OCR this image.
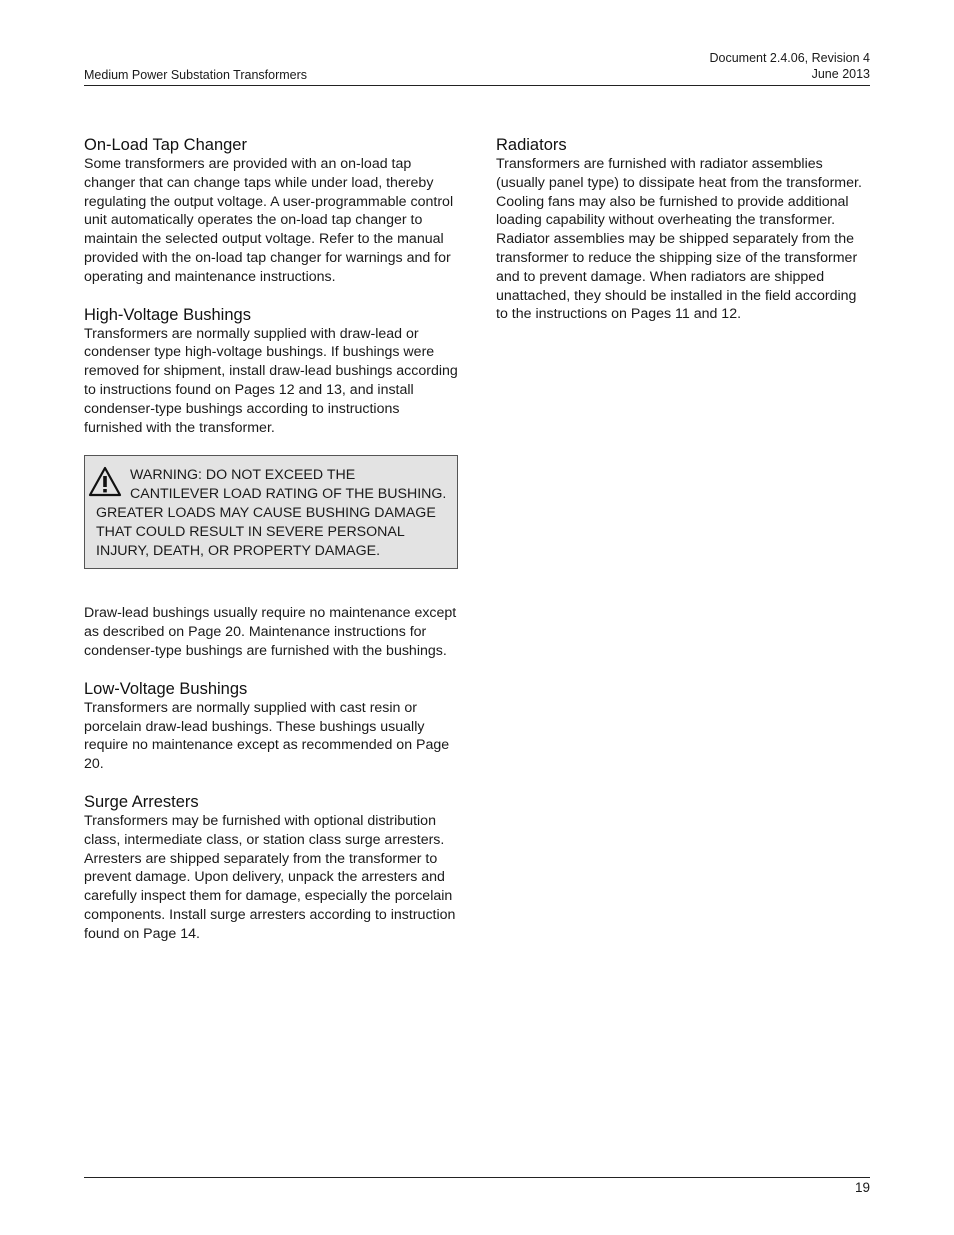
Medium Power Substation Transformers
Document 2.4.06, Revision 4
June 2013
On-Load Tap Changer

Some transformers are provided with an on-load tap changer that can change taps while under load, thereby regulating the output voltage. A user-programmable control unit automatically operates the on-load tap changer to maintain the selected output voltage. Refer to the manual provided with the on-load tap changer for warnings and for operating and maintenance instructions.

High-Voltage Bushings

Transformers are normally supplied with draw-lead or condenser type high-voltage bushings. If bushings were removed for shipment, install draw-lead bushings according to instructions found on Pages 12 and 13, and install condenser-type bushings according to instructions furnished with the transformer.

WARNING: DO NOT EXCEED THE CANTILEVER LOAD RATING OF THE BUSHING. GREATER LOADS MAY CAUSE BUSHING DAMAGE THAT COULD RESULT IN SEVERE PERSONAL INJURY, DEATH, OR PROPERTY DAMAGE.

Draw-lead bushings usually require no maintenance except as described on Page 20. Maintenance instructions for condenser-type bushings are furnished with the bushings.

Low-Voltage Bushings

Transformers are normally supplied with cast resin or porcelain draw-lead bushings. These bushings usually require no maintenance except as recommended on Page 20.

Surge Arresters

Transformers may be furnished with optional distribution class, intermediate class, or station class surge arresters. Arresters are shipped separately from the transformer to prevent damage. Upon delivery, unpack the arresters and carefully inspect them for damage, especially the porcelain components. Install surge arresters according to instruction found on Page 14.

Radiators

Transformers are furnished with radiator assemblies (usually panel type) to dissipate heat from the transformer. Cooling fans may also be furnished to provide additional loading capability without overheating the transformer. Radiator assemblies may be shipped separately from the transformer to reduce the shipping size of the transformer and to prevent damage. When radiators are shipped unattached, they should be installed in the field according to the instructions on Pages 11 and 12.

19
